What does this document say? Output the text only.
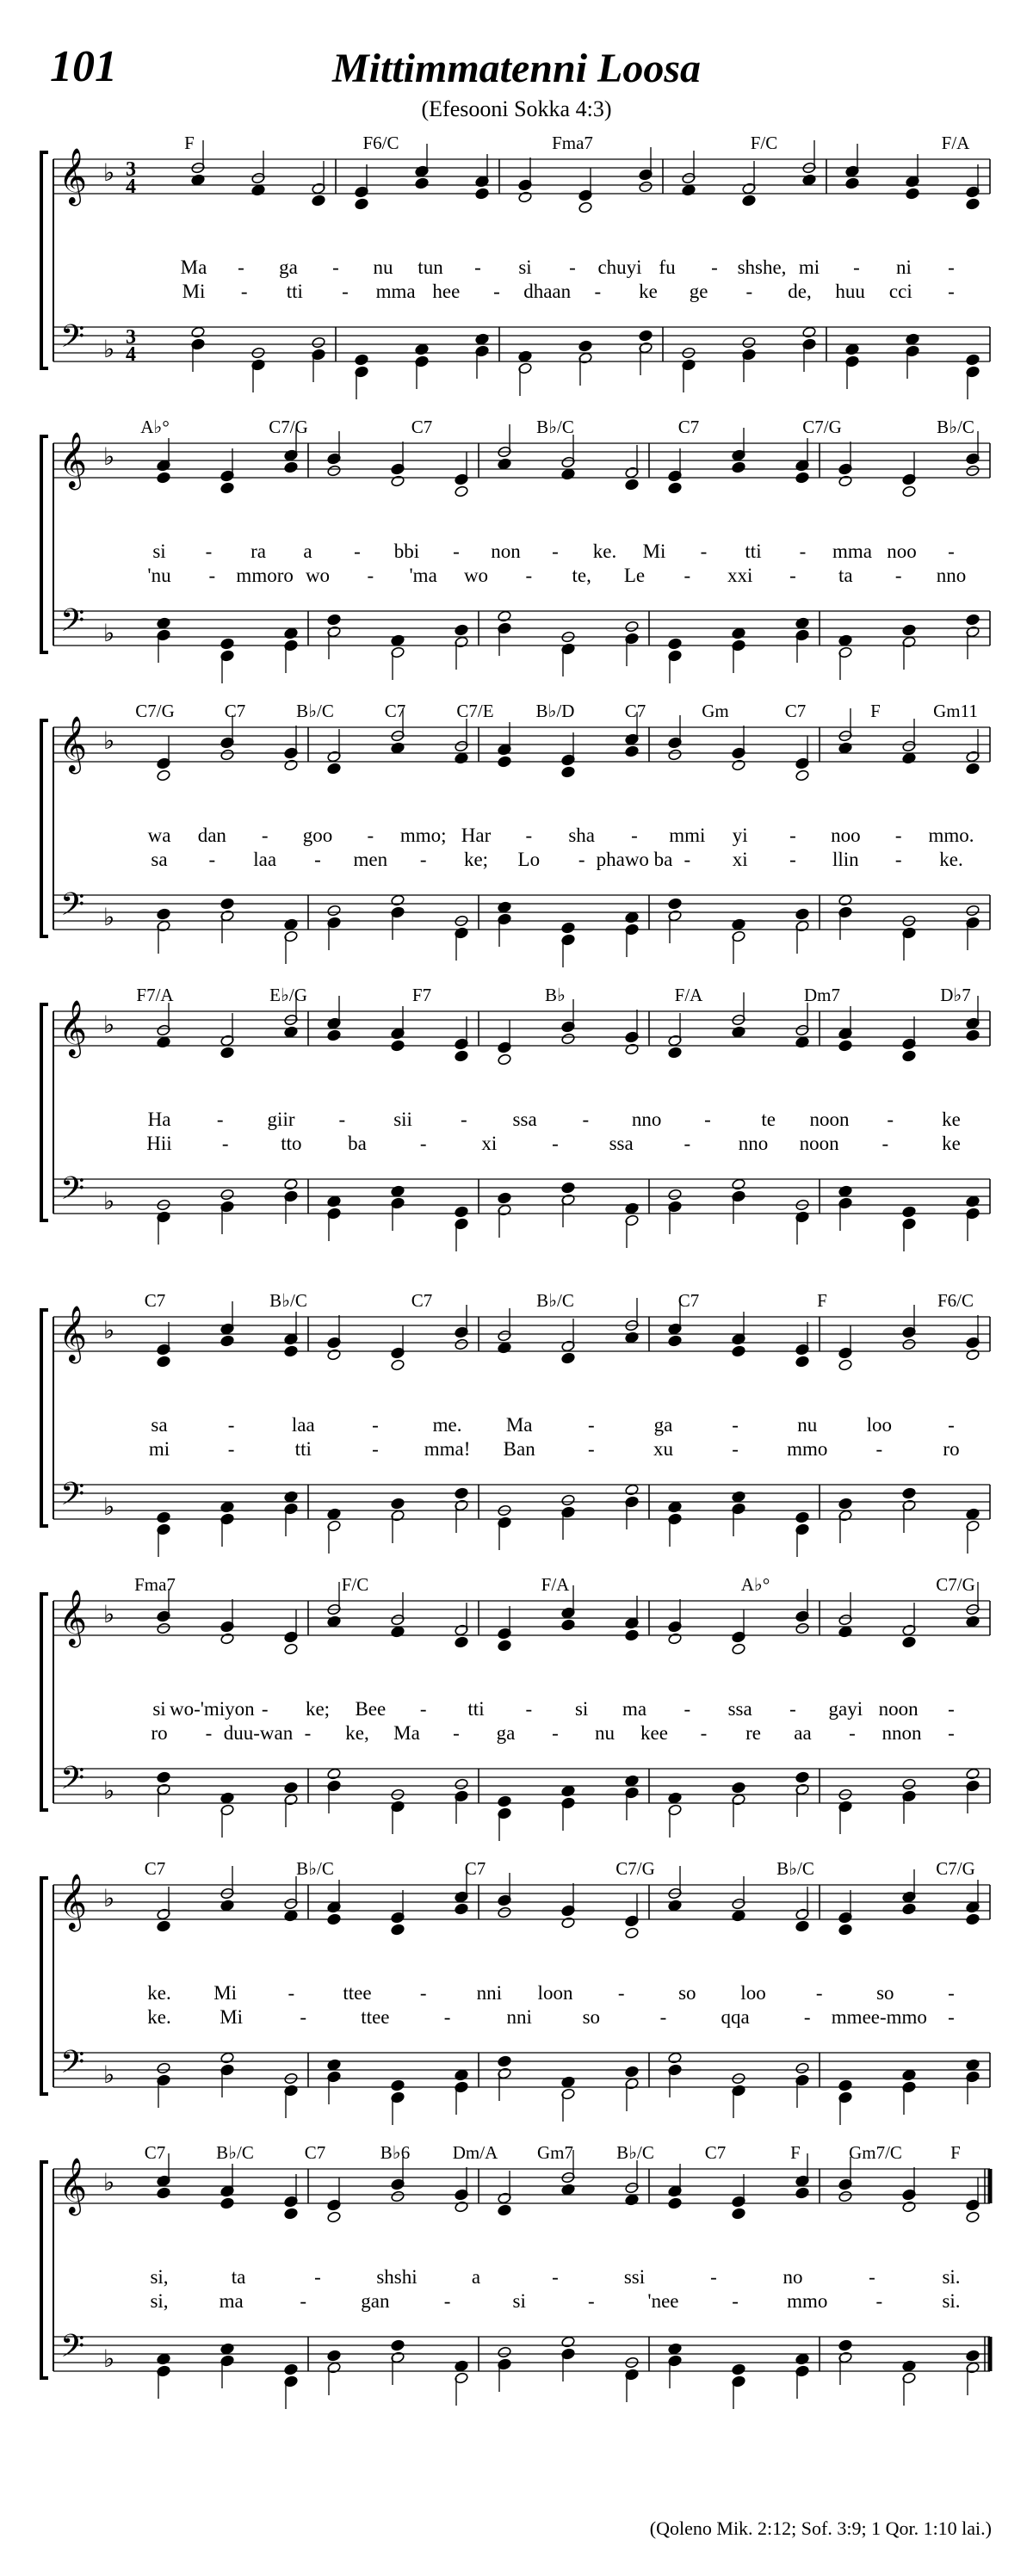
101	Mittimmatenni Loosa
(Efesooni Sokka 4:3)
𝄞 ♭ 3
4
𝄢 ♭ 3
4
F	F6/C	Fma7	F/C	F/A
Ma - ga - nu tun - si - chuyi fu - shshe, mi - ni -
Mi - tti - mma hee - dhaan - ke ge - de, huu cci -
𝄞 ♭
𝄢 ♭
A♭°	C7/G	C7	B♭/C	C7	C7/G	B♭/C
si - ra a - bbi - non - ke. Mi - tti - mma noo -
'nu - mmoro wo - 'ma wo - te, Le - xxi - ta - nno
𝄞 ♭
𝄢 ♭
C7/G	C7	B♭/C	C7	C7/E B♭/D	C7	Gm	C7	F	Gm11
wa dan - goo - mmo; Har - sha - mmi yi - noo - mmo.
sa - laa - men - ke; Lo - phawo ba - xi - llin - ke.
𝄞 ♭
𝄢 ♭
F7/A	E♭/G	F7	B♭	F/A	Dm7	D♭7
Ha - giir - sii - ssa - nno -	te noon - ke
Hii	-	tto ba	-	xi	-	ssa	- nno noon -	ke
𝄞 ♭
𝄢 ♭
C7	B♭/C	C7	B♭/C	C7	F	F6/C
sa	-	laa	-	me. Ma	-	ga	-	nu loo	-
mi	-	tti	- mma! Ban	-	xu	- mmo -	ro
𝄞 ♭
𝄢 ♭
Fma7	F/C	F/A	A♭°	C7/G
si wo-'miyon - ke; Bee - tti - si ma - ssa - gayi noon -
ro - duu-wan - ke, Ma - ga - nu kee - re aa - nnon -
𝄞 ♭
𝄢 ♭
C7	B♭/C	C7	C7/G	B♭/C	C7/G
ke. Mi	- ttee -	nni loon -	so loo	-	so	-
ke. Mi	-	ttee	-	nni	so	-	qqa	- mmee-mmo -
𝄞 ♭
𝄢 ♭
C7	B♭/C	C7	B♭6 Dm/A Gm7 B♭/C	C7	F	Gm7/C	F
si,	ta	-	shshi	a	-	ssi	-	no	-	si.
si,	ma	-	gan	-	si	-	'nee	- mmo -	si.
(Qoleno Mik. 2:12; Sof. 3:9; 1 Qor. 1:10 lai.)
